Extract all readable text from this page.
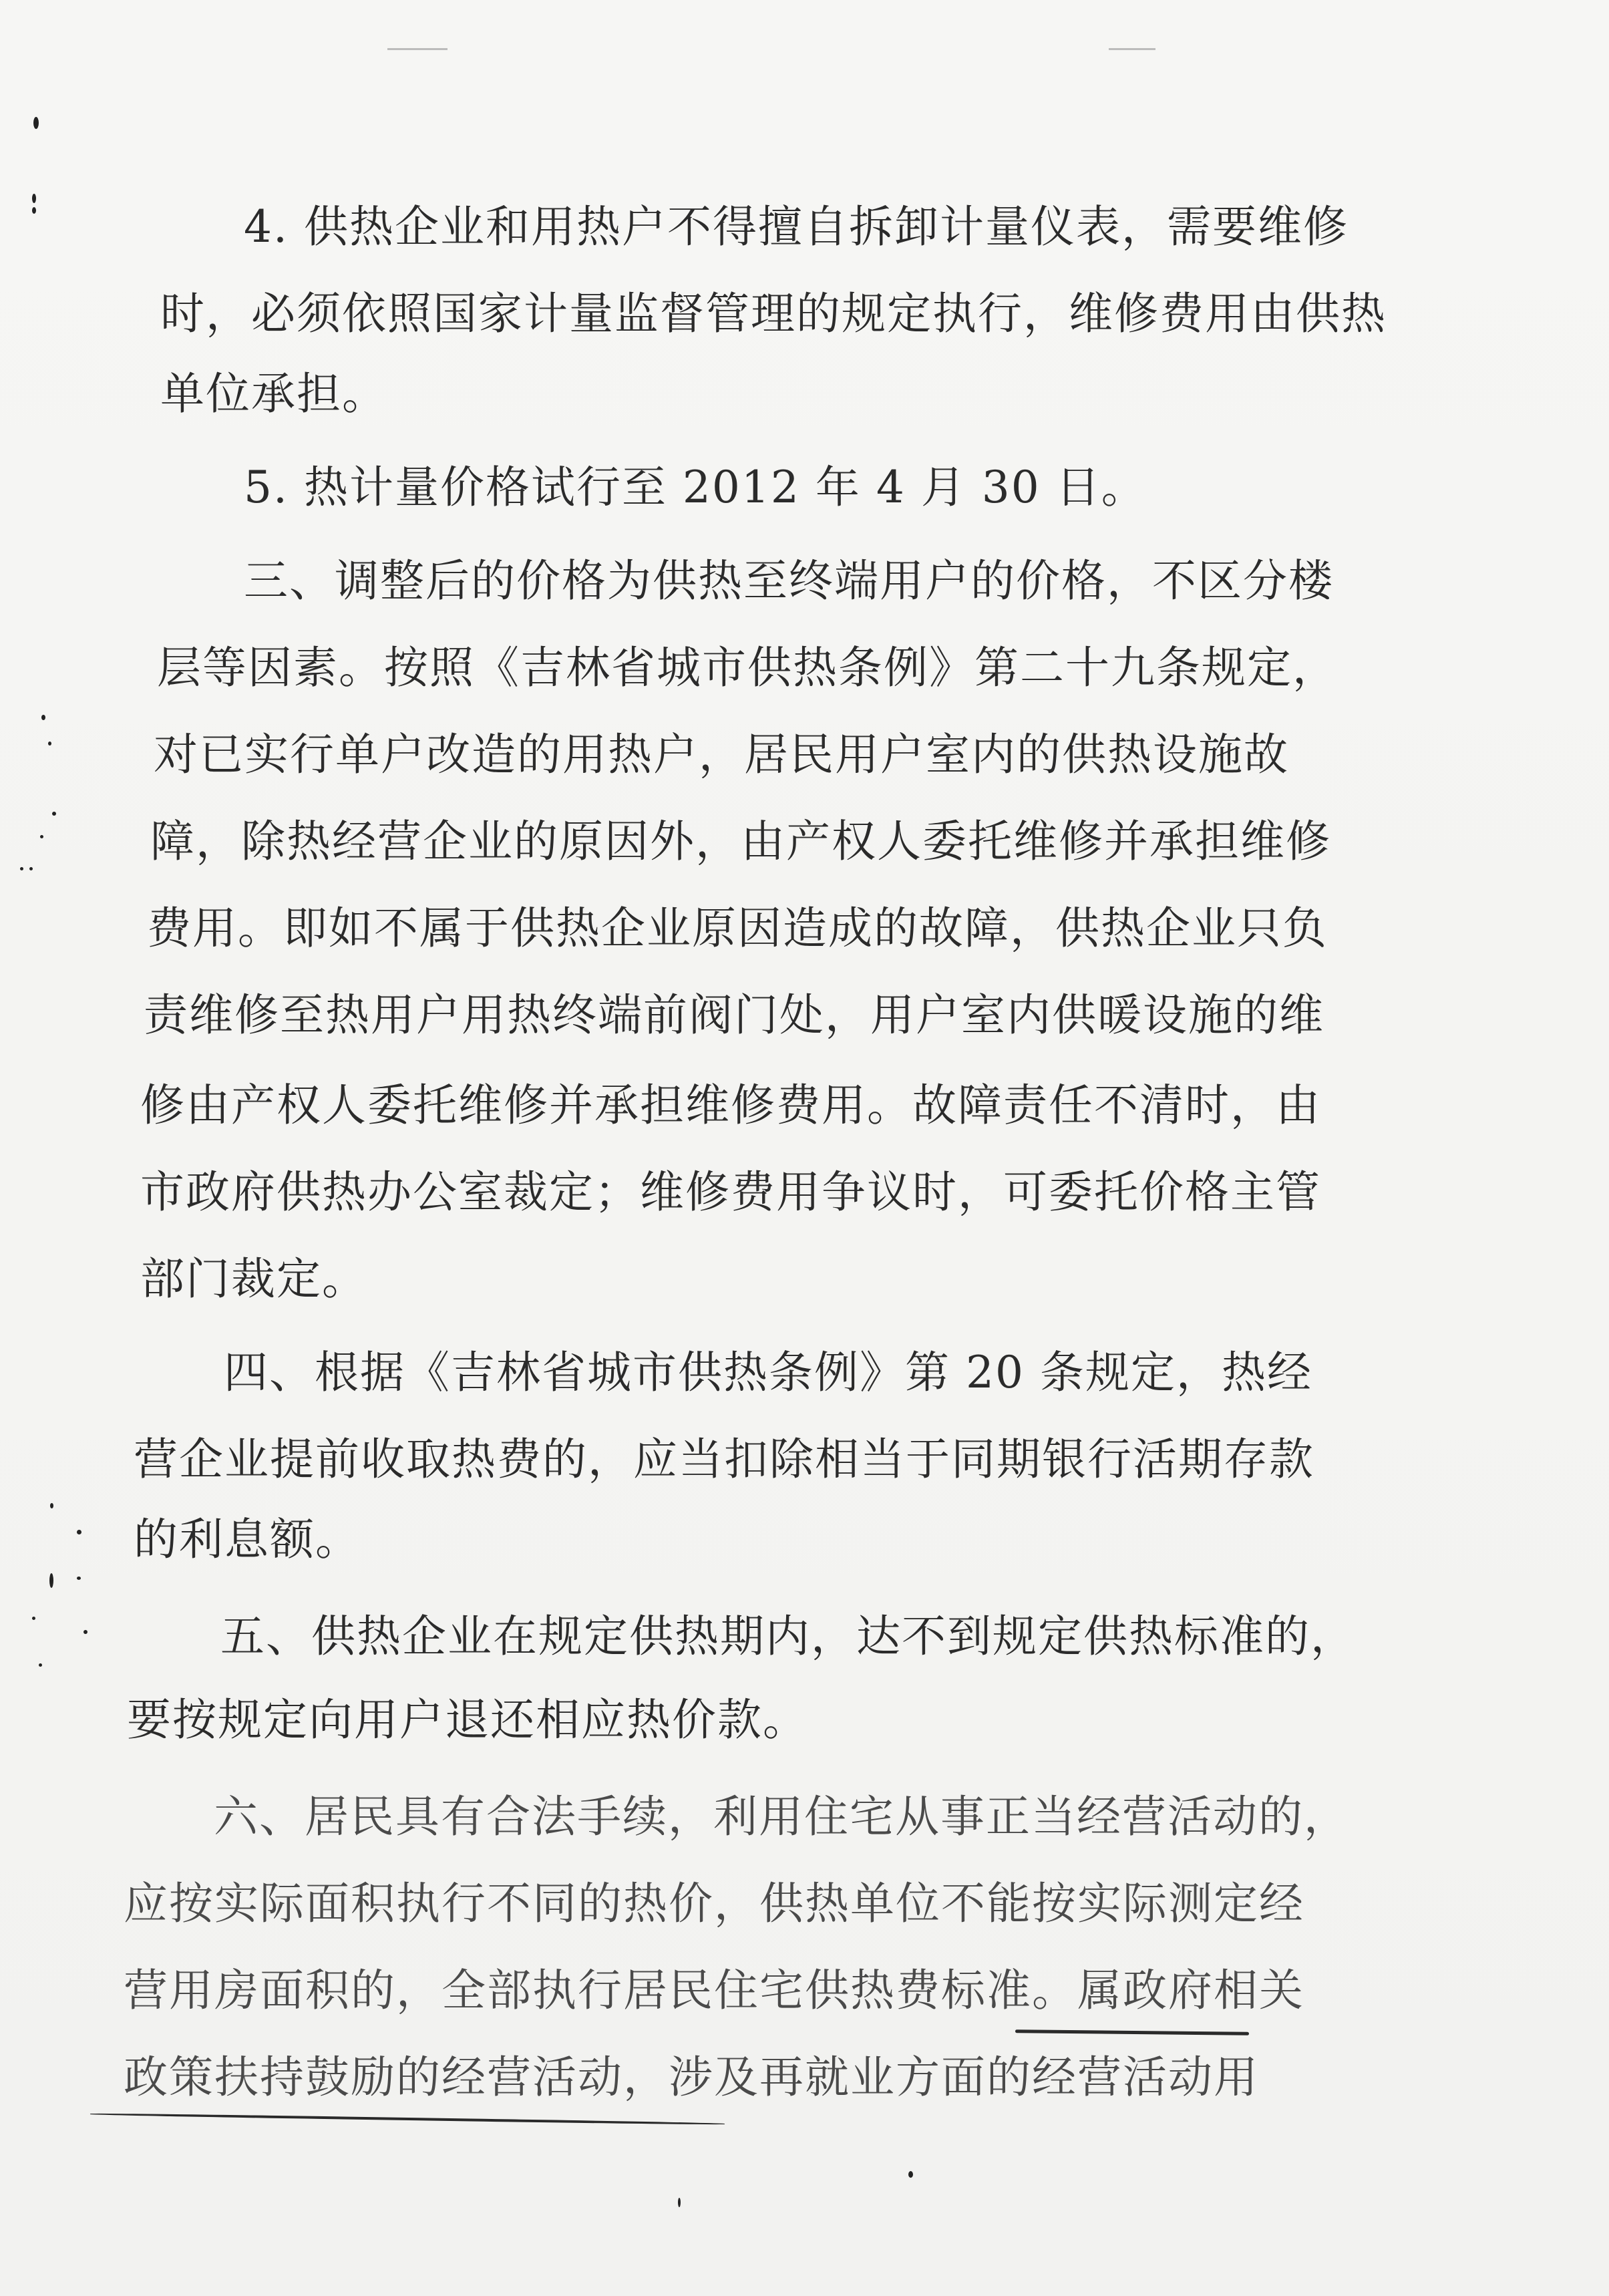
4. 供热企业和用热户不得擅自拆卸计量仪表，需要维修
时，必须依照国家计量监督管理的规定执行，维修费用由供热
单位承担。
5. 热计量价格试行至 2012 年 4 月 30 日。
三、调整后的价格为供热至终端用户的价格，不区分楼
层等因素。按照《吉林省城市供热条例》第二十九条规定，
对已实行单户改造的用热户，居民用户室内的供热设施故
障，除热经营企业的原因外，由产权人委托维修并承担维修
费用。即如不属于供热企业原因造成的故障，供热企业只负
责维修至热用户用热终端前阀门处，用户室内供暖设施的维
修由产权人委托维修并承担维修费用。故障责任不清时，由
市政府供热办公室裁定；维修费用争议时，可委托价格主管
部门裁定。
四、根据《吉林省城市供热条例》第 20 条规定，热经
营企业提前收取热费的，应当扣除相当于同期银行活期存款
的利息额。
五、供热企业在规定供热期内，达不到规定供热标准的，
要按规定向用户退还相应热价款。
六、居民具有合法手续，利用住宅从事正当经营活动的，
应按实际面积执行不同的热价，供热单位不能按实际测定经
营用房面积的，全部执行居民住宅供热费标准。属政府相关
政策扶持鼓励的经营活动，涉及再就业方面的经营活动用
